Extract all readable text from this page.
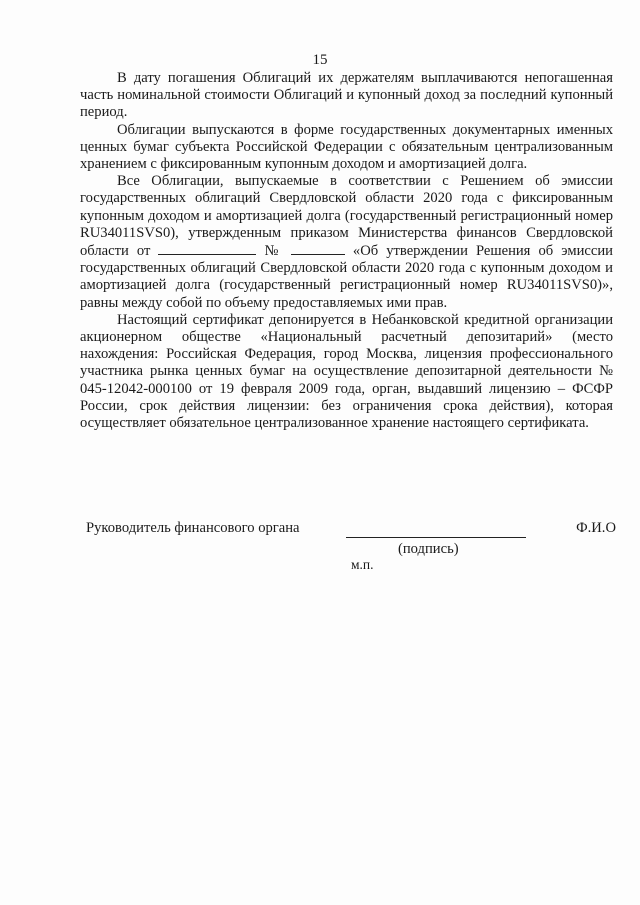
15

В дату погашения Облигаций их держателям выплачиваются непогашенная часть номинальной стоимости Облигаций и купонный доход за последний купонный период.

Облигации выпускаются в форме государственных документарных именных ценных бумаг субъекта Российской Федерации с обязательным централизованным хранением с фиксированным купонным доходом и амортизацией долга.

Все Облигации, выпускаемые в соответствии с Решением об эмиссии государственных облигаций Свердловской области 2020 года с фиксированным купонным доходом и амортизацией долга (государственный регистрационный номер RU34011SVS0), утвержденным приказом Министерства финансов Свердловской области от	№	«Об утверждении Решения об эмиссии государственных облигаций Свердловской области 2020 года с купонным доходом и амортизацией долга (государственный регистрационный номер RU34011SVS0)», равны между собой по объему предоставляемых ими прав.

Настоящий сертификат депонируется в Небанковской кредитной организации акционерном обществе «Национальный расчетный депозитарий» (место нахождения: Российская Федерация, город Москва, лицензия профессионального участника рынка ценных бумаг на осуществление депозитарной деятельности № 045-12042-000100 от 19 февраля 2009 года, орган, выдавший лицензию – ФСФР России, срок действия лицензии: без ограничения срока действия), которая осуществляет обязательное централизованное хранение настоящего сертификата.

Руководитель финансового органа	Ф.И.О
(подпись)
м.п.
